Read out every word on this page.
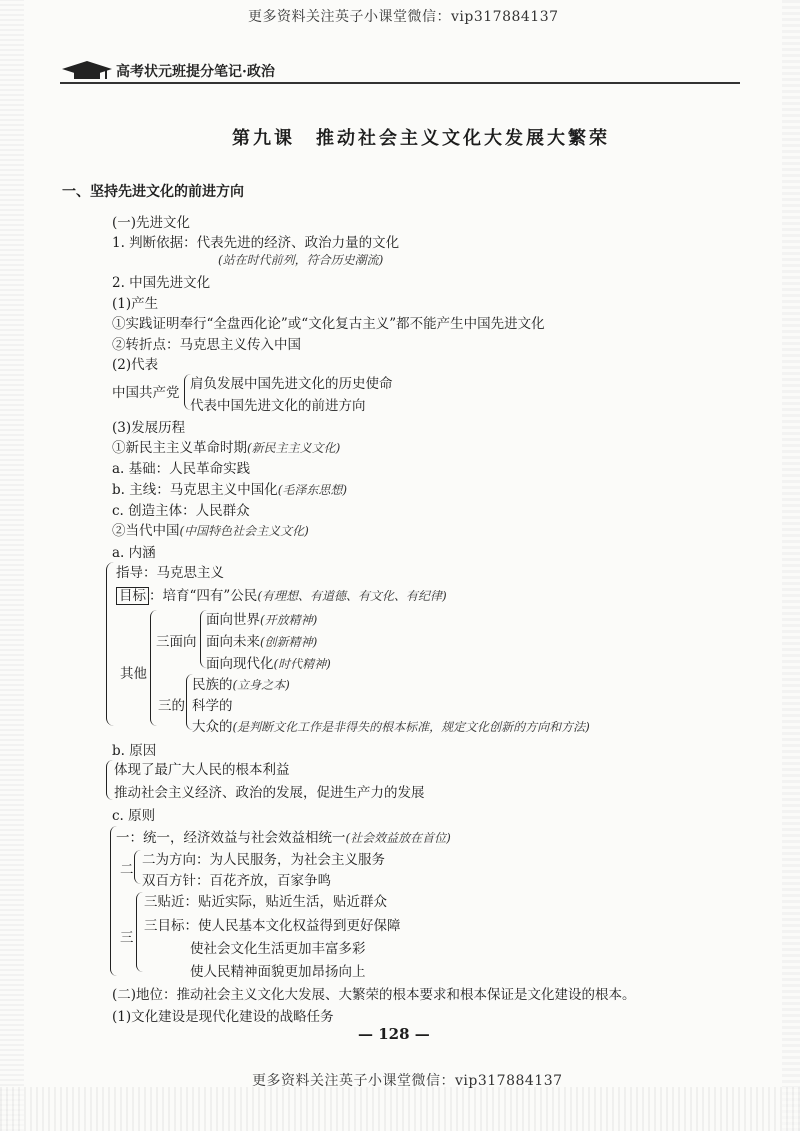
更多资料关注英子小课堂微信：vip317884137
高考状元班提分笔记·政治
第九课　推动社会主义文化大发展大繁荣
一、坚持先进文化的前进方向
(一)先进文化
1. 判断依据：代表先进的经济、政治力量的文化
(站在时代前列，符合历史潮流)
2. 中国先进文化
(1)产生
①实践证明奉行“全盘西化论”或“文化复古主义”都不能产生中国先进文化
②转折点：马克思主义传入中国
(2)代表
中国共产党
肩负发展中国先进文化的历史使命
代表中国先进文化的前进方向
(3)发展历程
①新民主主义革命时期(新民主主义文化)
a. 基础：人民革命实践
b. 主线：马克思主义中国化(毛泽东思想)
c. 创造主体：人民群众
②当代中国(中国特色社会主义文化)
a. 内涵
指导：马克思主义
目标 ：培育“四有”公民(有理想、有道德、有文化、有纪律)
其他
三面向
面向世界(开放精神)
面向未来(创新精神)
面向现代化(时代精神)
三的
民族的(立身之本)
科学的
大众的(是判断文化工作是非得失的根本标准，规定文化创新的方向和方法)
b. 原因
体现了最广大人民的根本利益
推动社会主义经济、政治的发展，促进生产力的发展
c. 原则
一：统一，经济效益与社会效益相统一(社会效益放在首位)
二
二为方向：为人民服务，为社会主义服务
双百方针：百花齐放，百家争鸣
三
三贴近：贴近实际，贴近生活，贴近群众
三目标：使人民基本文化权益得到更好保障
使社会文化生活更加丰富多彩
使人民精神面貌更加昂扬向上
(二)地位：推动社会主义文化大发展、大繁荣的根本要求和根本保证是文化建设的根本。
(1)文化建设是现代化建设的战略任务
— 128 —
更多资料关注英子小课堂微信：vip317884137
